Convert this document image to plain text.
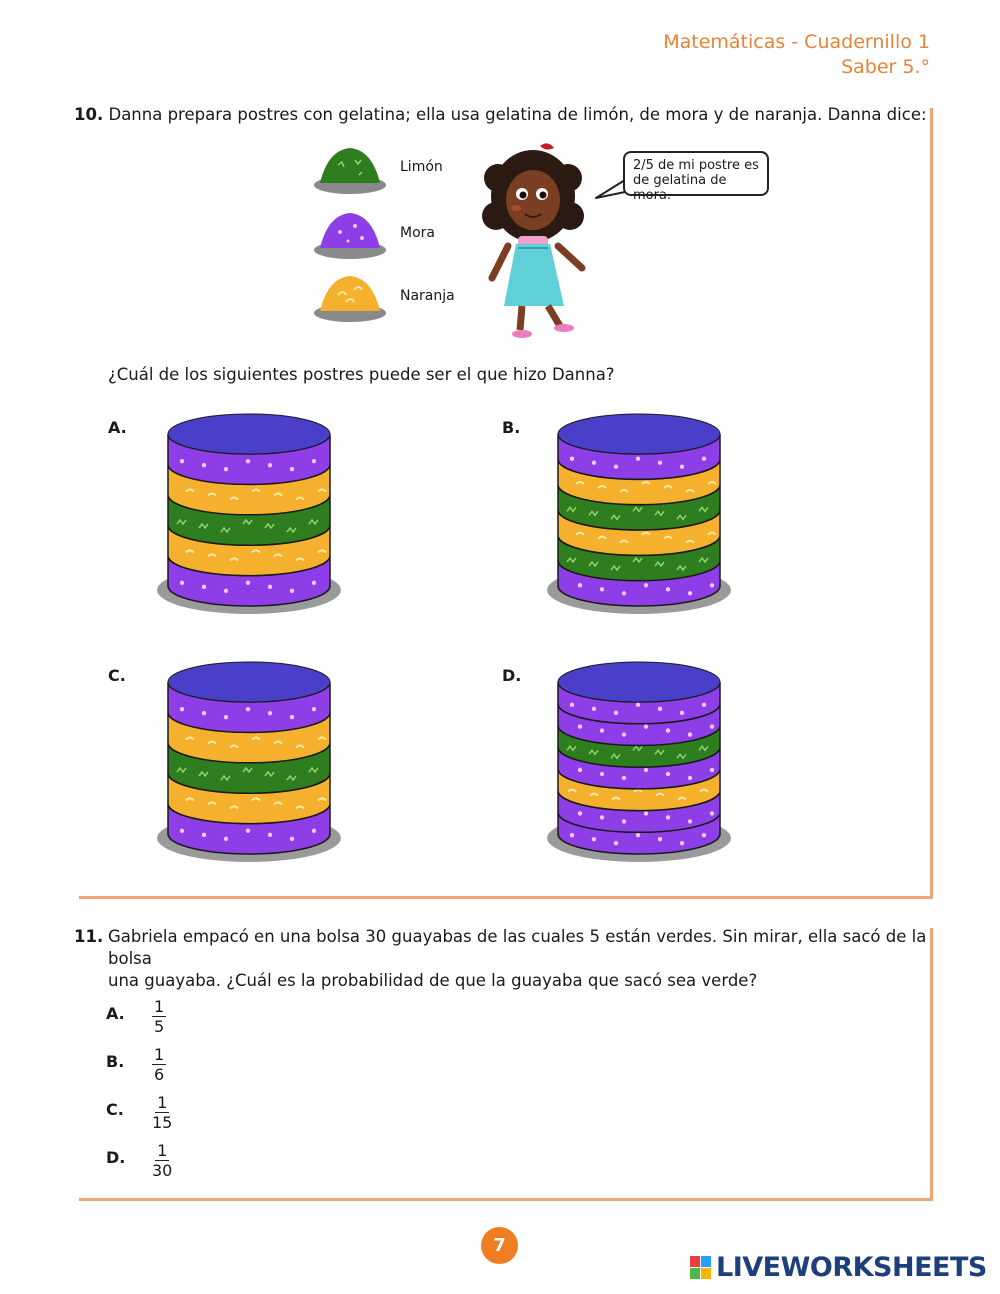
Matemáticas - Cuadernillo 1
Saber 5.°
10. Danna prepara postres con gelatina; ella usa gelatina de limón, de mora y de naranja. Danna dice:
Limón
Mora
Naranja
2/5 de mi postre es
de gelatina de mora.
¿Cuál de los siguientes postres puede ser el que hizo Danna?
A.	B.
C.	D.
11. Gabriela empacó en una bolsa 30 guayabas de las cuales 5 están verdes. Sin mirar, ella sacó de la bolsa
una guayaba. ¿Cuál es la probabilidad de que la guayaba que sacó sea verde?
A. $\frac{1}{5}$
B. $\frac{1}{6}$
C. $\frac{1}{15}$
D. $\frac{1}{30}$
7
LIVEWORKSHEETS
